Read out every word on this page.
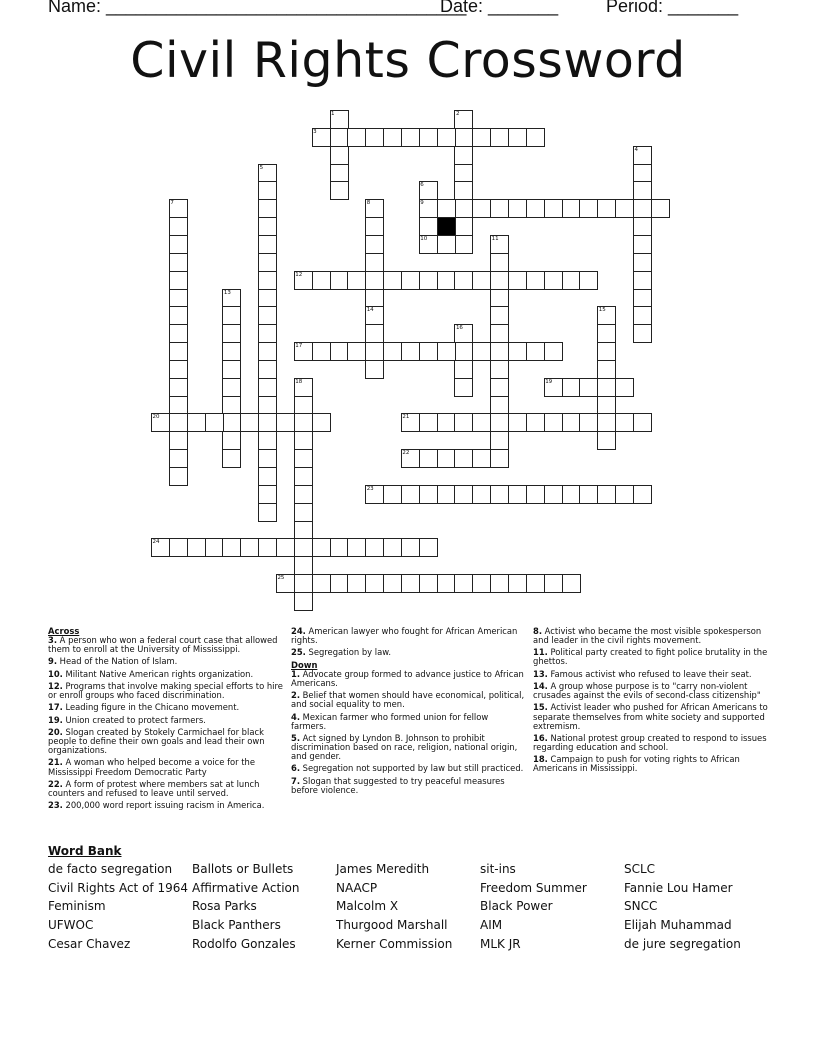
Name: ____________________________________
Date: _______	Period: _______
Civil Rights Crossword
1	2
3
4
5
6
7	8	9
10	11
12
13
14	15
16
17
18	19
20	21
22
23
24
25
Across
3. A person who won a federal court case that allowed them to enroll at the University of Mississippi.
9. Head of the Nation of Islam.
10. Militant Native American rights organization.
12. Programs that involve making special efforts to hire or enroll groups who faced discrimination.
17. Leading figure in the Chicano movement.
19. Union created to protect farmers.
20. Slogan created by Stokely Carmichael for black people to define their own goals and lead their own organizations.
21. A woman who helped become a voice for the Mississippi Freedom Democratic Party
22. A form of protest where members sat at lunch counters and refused to leave until served.
23. 200,000 word report issuing racism in America.
24. American lawyer who fought for African American rights.
25. Segregation by law.
Down
1. Advocate group formed to advance justice to African Americans.
2. Belief that women should have economical, political, and social equality to men.
4. Mexican farmer who formed union for fellow farmers.
5. Act signed by Lyndon B. Johnson to prohibit discrimination based on race, religion, national origin, and gender.
6. Segregation not supported by law but still practiced.
7. Slogan that suggested to try peaceful measures before violence.
8. Activist who became the most visible spokesperson and leader in the civil rights movement.
11. Political party created to fight police brutality in the ghettos.
13. Famous activist who refused to leave their seat.
14. A group whose purpose is to "carry non-violent crusades against the evils of second-class citizenship"
15. Activist leader who pushed for African Americans to separate themselves from white society and supported extremism.
16. National protest group created to respond to issues regarding education and school.
18. Campaign to push for voting rights to African Americans in Mississippi.
Word Bank
de facto segregation	Ballots or Bullets	James Meredith	sit-ins	SCLC
Civil Rights Act of 1964 Affirmative Action	NAACP	Freedom Summer	Fannie Lou Hamer
Feminism	Rosa Parks	Malcolm X	Black Power	SNCC
UFWOC	Black Panthers	Thurgood Marshall	AIM	Elijah Muhammad
Cesar Chavez	Rodolfo Gonzales	Kerner Commission	MLK JR	de jure segregation
